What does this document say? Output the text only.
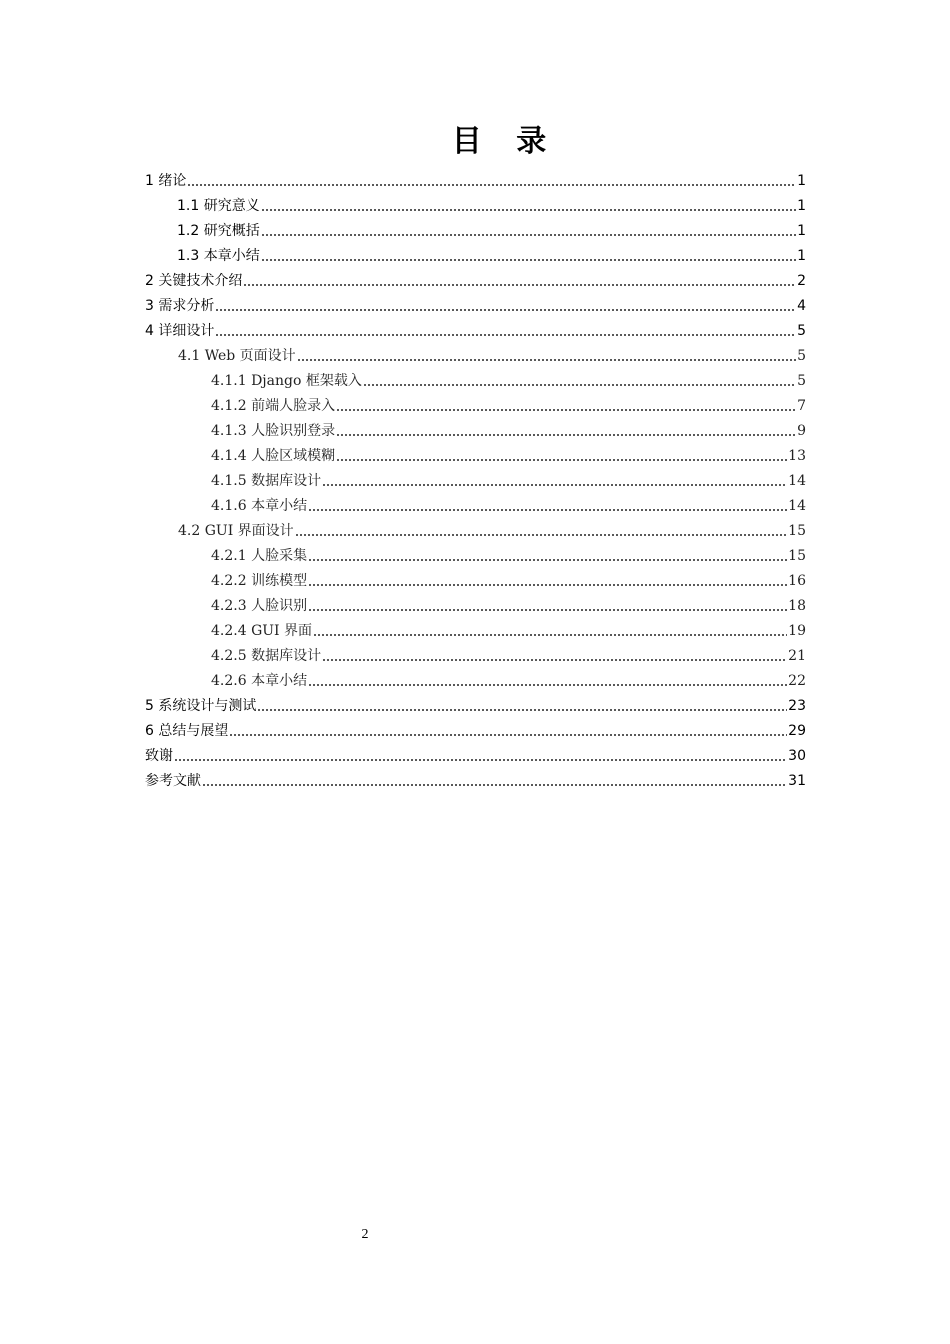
目 录
1 绪论	1
1.1 研究意义	1
1.2 研究概括	1
1.3 本章小结	1
2 关键技术介绍	2
3 需求分析	4
4 详细设计	5
4.1 Web 页面设计	5
4.1.1 Django 框架载入	5
4.1.2 前端人脸录入	7
4.1.3 人脸识别登录	9
4.1.4 人脸区域模糊	13
4.1.5 数据库设计	14
4.1.6 本章小结	14
4.2 GUI 界面设计	15
4.2.1 人脸采集	15
4.2.2 训练模型	16
4.2.3 人脸识别	18
4.2.4 GUI 界面	19
4.2.5 数据库设计	21
4.2.6 本章小结	22
5 系统设计与测试	23
6 总结与展望	29
致谢	30
参考文献	31
2
